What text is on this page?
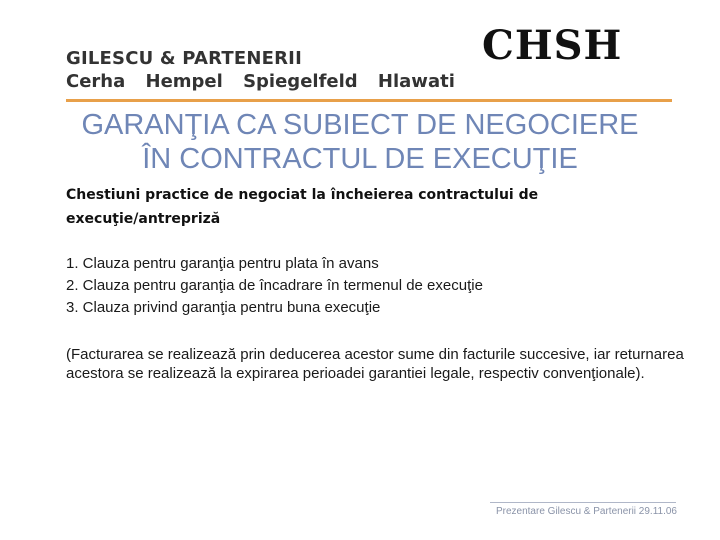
GILESCU & PARTENERII
Cerha Hempel Spiegelfeld Hlawati
CHSH
GARANŢIA CA SUBIECT DE NEGOCIERE
ÎN CONTRACTUL DE EXECUŢIE
Chestiuni practice de negociat la încheierea contractului de execuţie/antrepriză
1. Clauza pentru garanţia pentru plata în avans
2. Clauza pentru garanţia de încadrare în termenul de execuţie
3. Clauza privind garanţia pentru buna execuţie
(Facturarea se realizează prin deducerea acestor sume din facturile succesive, iar returnarea acestora se realizează la expirarea perioadei garantiei legale, respectiv convenţionale).
Prezentare Gilescu & Partenerii 29.11.06
